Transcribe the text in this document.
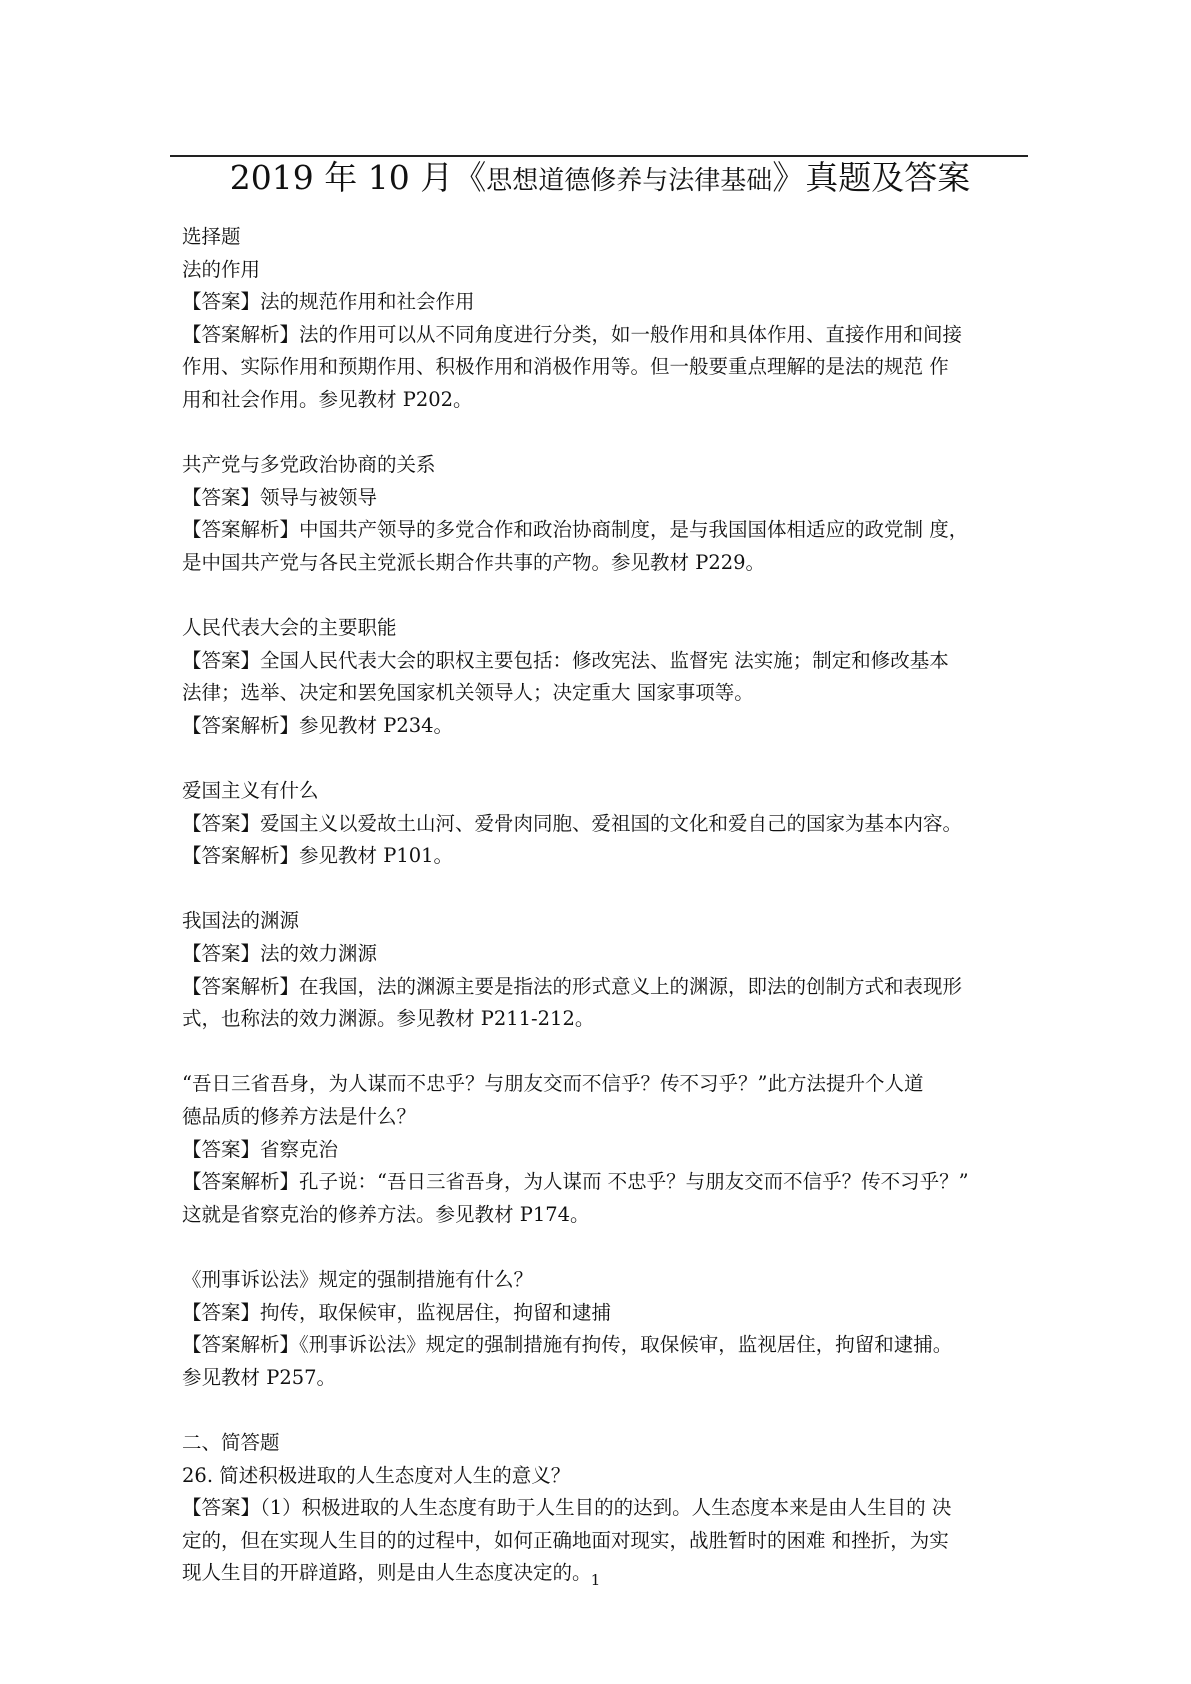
2019 年 10 月《思想道德修养与法律基础》真题及答案

选择题

法的作用

【答案】法的规范作用和社会作用

【答案解析】法的作用可以从不同角度进行分类，如一般作用和具体作用、直接作用和间接

作用、实际作用和预期作用、积极作用和消极作用等。但一般要重点理解的是法的规范 作

用和社会作用。参见教材 P202。

共产党与多党政治协商的关系

【答案】领导与被领导

【答案解析】中国共产领导的多党合作和政治协商制度，是与我国国体相适应的政党制 度，

是中国共产党与各民主党派长期合作共事的产物。参见教材 P229。

人民代表大会的主要职能

【答案】全国人民代表大会的职权主要包括：修改宪法、监督宪 法实施；制定和修改基本

法律；选举、决定和罢免国家机关领导人；决定重大 国家事项等。

【答案解析】参见教材 P234。

爱国主义有什么

【答案】爱国主义以爱故土山河、爱骨肉同胞、爱祖国的文化和爱自己的国家为基本内容。

【答案解析】参见教材 P101。

我国法的渊源

【答案】法的效力渊源

【答案解析】在我国，法的渊源主要是指法的形式意义上的渊源，即法的创制方式和表现形

式，也称法的效力渊源。参见教材 P211-212。

“吾日三省吾身，为人谋而不忠乎？与朋友交而不信乎？传不习乎？”此方法提升个人道

德品质的修养方法是什么？

【答案】省察克治

【答案解析】孔子说：“吾日三省吾身，为人谋而 不忠乎？与朋友交而不信乎？传不习乎？”

这就是省察克治的修养方法。参见教材 P174。

《刑事诉讼法》规定的强制措施有什么？

【答案】拘传，取保候审，监视居住，拘留和逮捕

【答案解析】《刑事诉讼法》规定的强制措施有拘传，取保候审，监视居住，拘留和逮捕。

参见教材 P257。

二、简答题

26. 简述积极进取的人生态度对人生的意义？

【答案】（1）积极进取的人生态度有助于人生目的的达到。人生态度本来是由人生目的 决

定的，但在实现人生目的的过程中，如何正确地面对现实，战胜暂时的困难 和挫折，为实

现人生目的开辟道路，则是由人生态度决定的。 1
